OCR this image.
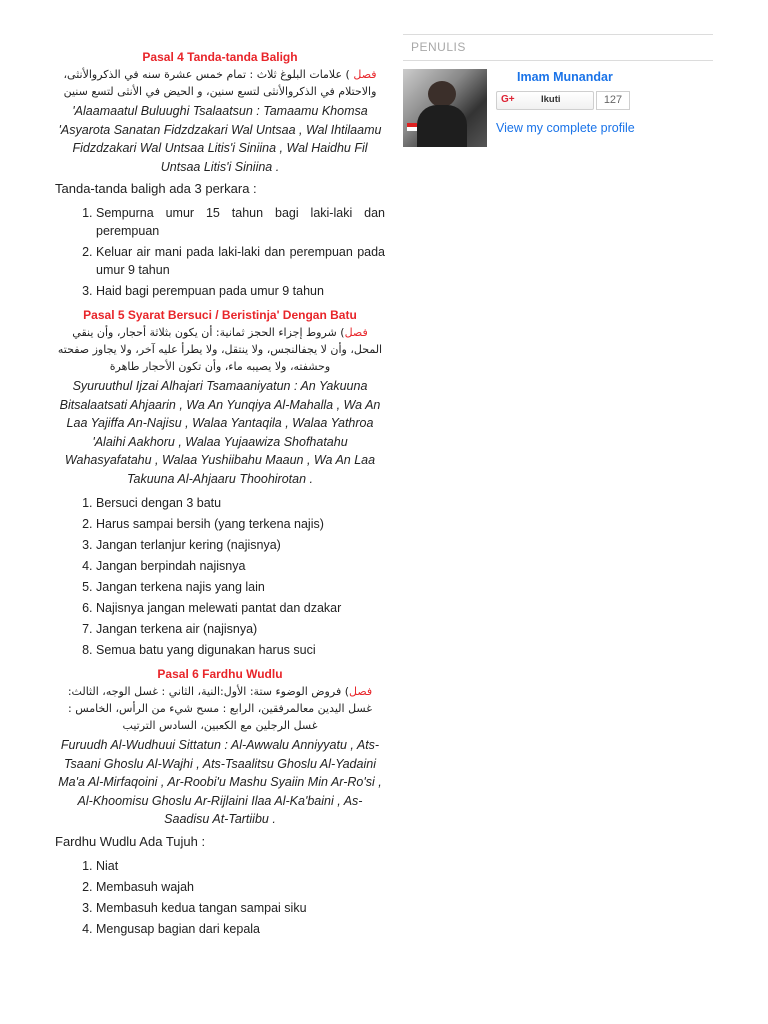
Pasal 4 Tanda-tanda Baligh

فصل ) علامات البلوغ ثلاث : تمام خمس عشرة سنه في الذكروالأنثى، والاحتلام في الذكروالأنثى لتسع سنين، و الحيض في الأنثى لتسع سنين

'Alaamaatul Buluughi Tsalaatsun : Tamaamu Khomsa 'Asyarota Sanatan Fidzdzakari Wal Untsaa , Wal Ihtilaamu Fidzdzakari Wal Untsaa Litis'i Siniina , Wal Haidhu Fil Untsaa Litis'i Siniina .

Tanda-tanda baligh ada 3 perkara :

1. Sempurna umur 15 tahun bagi laki-laki dan perempuan
2. Keluar air mani pada laki-laki dan perempuan pada umur 9 tahun
3. Haid bagi perempuan pada umur 9 tahun
Pasal 5 Syarat Bersuci / Beristinja' Dengan Batu

فصل) شروط إجزاء الحجز ثمانية: أن يكون بثلاثة أحجار، وأن ينقي المحل، وأن لا يجفالنجس، ولا ينتقل، ولا يطرأ عليه آخر، ولا يجاوز صفحته وحشفته، ولا يصيبه ماء، وأن تكون الأحجار طاهرة

Syuruuthul Ijzai Alhajari Tsamaaniyatun : An Yakuuna Bitsalaatsati Ahjaarin , Wa An Yunqiya Al-Mahalla , Wa An Laa Yajiffa An-Najisu , Walaa Yantaqila , Walaa Yathroa 'Alaihi Aakhoru , Walaa Yujaawiza Shofhatahu Wahasyafatahu , Walaa Yushiibahu Maaun , Wa An Laa Takuuna Al-Ahjaaru Thoohirotan .

1. Bersuci dengan 3 batu
2. Harus sampai bersih (yang terkena najis)
3. Jangan terlanjur kering (najisnya)
4. Jangan berpindah najisnya
5. Jangan terkena najis yang lain
6. Najisnya jangan melewati pantat dan dzakar
7. Jangan terkena air (najisnya)
8. Semua batu yang digunakan harus suci
Pasal 6 Fardhu Wudlu

فصل) فروض الوضوء ستة: الأول:النية، الثاني : غسل الوجه، الثالث: غسل اليدين معالمرفقين، الرابع : مسح شيء من الرأس، الخامس : غسل الرجلين مع الكعبين، السادس الترتيب

Furuudh Al-Wudhuui Sittatun : Al-Awwalu Anniyyatu , Ats-Tsaani Ghoslu Al-Wajhi , Ats-Tsaalitsu Ghoslu Al-Yadaini Ma'a Al-Mirfaqoini , Ar-Roobi'u Mashu Syaiin Min Ar-Ro'si , Al-Khoomisu Ghoslu Ar-Rijlaini Ilaa Al-Ka'baini , As-Saadisu At-Tartiibu .

Fardhu Wudlu Ada Tujuh :

1. Niat
2. Membasuh wajah
3. Membasuh kedua tangan sampai siku
4. Mengusap bagian dari kepala
PENULIS
Imam Munandar
G+	Ikuti	127
View my complete profile
